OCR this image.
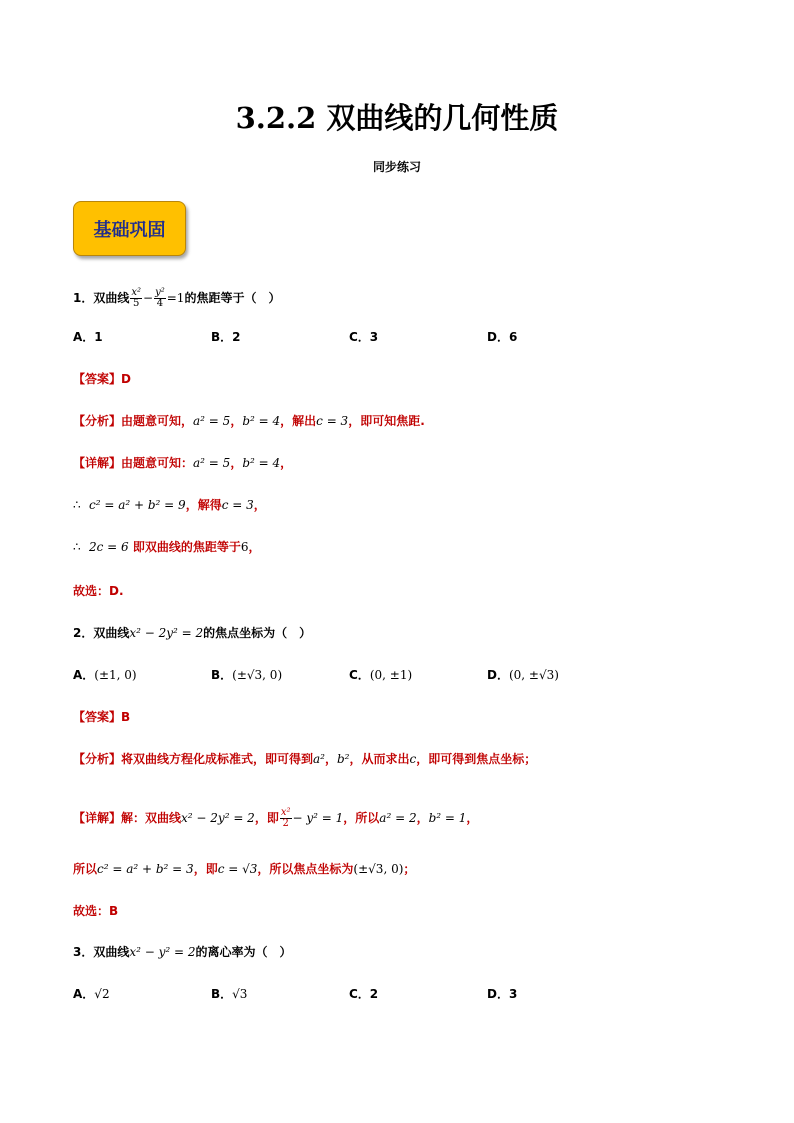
3.2.2 双曲线的几何性质
同步练习
基础巩固
1．双曲线 $\frac{\text{x²}}{5} - \frac{\text{y²}}{4} =1$的焦距等于（　）
A．1	B．2	C．3	D．6
【答案】D
【分析】由题意可知，a² = 5，b² = 4，解出c = 3，即可知焦距.
【详解】由题意可知：a² = 5，b² = 4，
∴ c² = a² + b² = 9，解得c = 3，
∴ 2c = 6 即双曲线的焦距等于6，
故选：D.
2．双曲线x² − 2y² = 2的焦点坐标为（　）
A．(±1, 0)	B．(±√3, 0)	C．(0, ±1)	D．(0, ±√3)
【答案】B
【分析】将双曲线方程化成标准式，即可得到a²，b²，从而求出c，即可得到焦点坐标；
【详解】解：双曲线x² − 2y² = 2，即 $\frac{\text{x²}}{2} - y^2 = 1$，所以a² = 2，b² = 1，
所以c² = a² + b² = 3，即c = √3，所以焦点坐标为(±√3, 0)；
故选：B
3．双曲线x² − y² = 2的离心率为（　）
A．√2	B．√3	C．2	D．3
